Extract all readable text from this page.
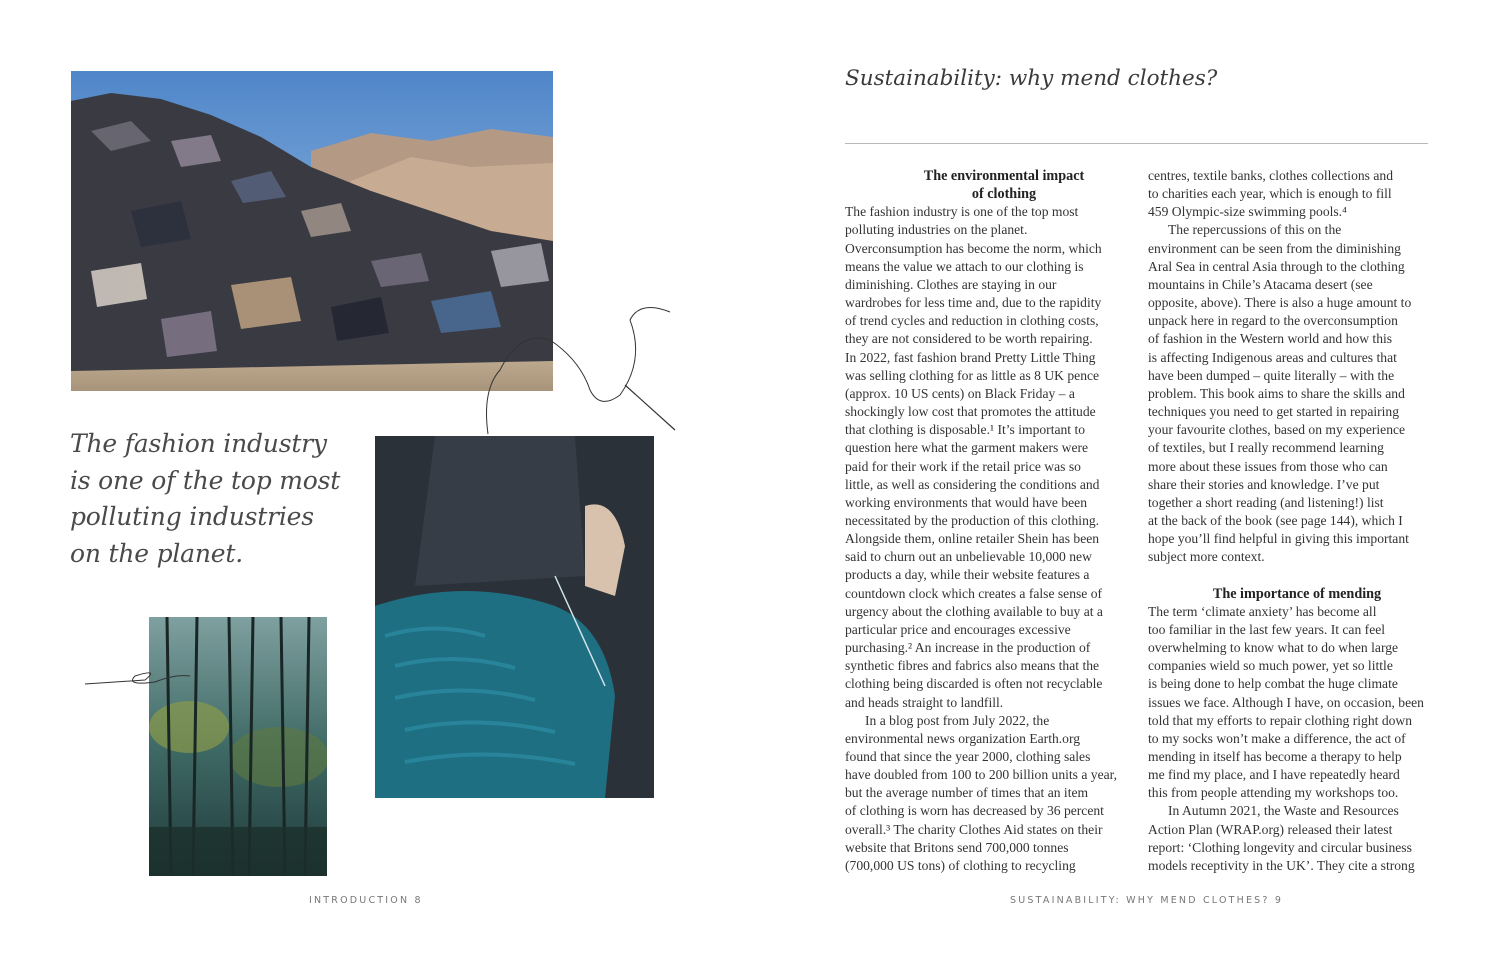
The fashion industry
is one of the top most
polluting industries
on the planet.
INTRODUCTION 8
Sustainability: why mend clothes?
The environmental impact
of clothing

The fashion industry is one of the top most
polluting industries on the planet.
Overconsumption has become the norm, which
means the value we attach to our clothing is
diminishing. Clothes are staying in our
wardrobes for less time and, due to the rapidity
of trend cycles and reduction in clothing costs,
they are not considered to be worth repairing.
In 2022, fast fashion brand Pretty Little Thing
was selling clothing for as little as 8 UK pence
(approx. 10 US cents) on Black Friday – a
shockingly low cost that promotes the attitude
that clothing is disposable.¹ It’s important to
question here what the garment makers were
paid for their work if the retail price was so
little, as well as considering the conditions and
working environments that would have been
necessitated by the production of this clothing.
Alongside them, online retailer Shein has been
said to churn out an unbelievable 10,000 new
products a day, while their website features a
countdown clock which creates a false sense of
urgency about the clothing available to buy at a
particular price and encourages excessive
purchasing.² An increase in the production of
synthetic fibres and fabrics also means that the
clothing being discarded is often not recyclable
and heads straight to landfill.

In a blog post from July 2022, the
environmental news organization Earth.org
found that since the year 2000, clothing sales
have doubled from 100 to 200 billion units a year,
but the average number of times that an item
of clothing is worn has decreased by 36 percent
overall.³ The charity Clothes Aid states on their
website that Britons send 700,000 tonnes
(700,000 US tons) of clothing to recycling

centres, textile banks, clothes collections and
to charities each year, which is enough to fill
459 Olympic-size swimming pools.⁴

The repercussions of this on the
environment can be seen from the diminishing
Aral Sea in central Asia through to the clothing
mountains in Chile’s Atacama desert (see
opposite, above). There is also a huge amount to
unpack here in regard to the overconsumption
of fashion in the Western world and how this
is affecting Indigenous areas and cultures that
have been dumped – quite literally – with the
problem. This book aims to share the skills and
techniques you need to get started in repairing
your favourite clothes, based on my experience
of textiles, but I really recommend learning
more about these issues from those who can
share their stories and knowledge. I’ve put
together a short reading (and listening!) list
at the back of the book (see page 144), which I
hope you’ll find helpful in giving this important
subject more context.

The importance of mending

The term ‘climate anxiety’ has become all
too familiar in the last few years. It can feel
overwhelming to know what to do when large
companies wield so much power, yet so little
is being done to help combat the huge climate
issues we face. Although I have, on occasion, been
told that my efforts to repair clothing right down
to my socks won’t make a difference, the act of
mending in itself has become a therapy to help
me find my place, and I have repeatedly heard
this from people attending my workshops too.

In Autumn 2021, the Waste and Resources
Action Plan (WRAP.org) released their latest
report: ‘Clothing longevity and circular business
models receptivity in the UK’. They cite a strong

SUSTAINABILITY: WHY MEND CLOTHES? 9
